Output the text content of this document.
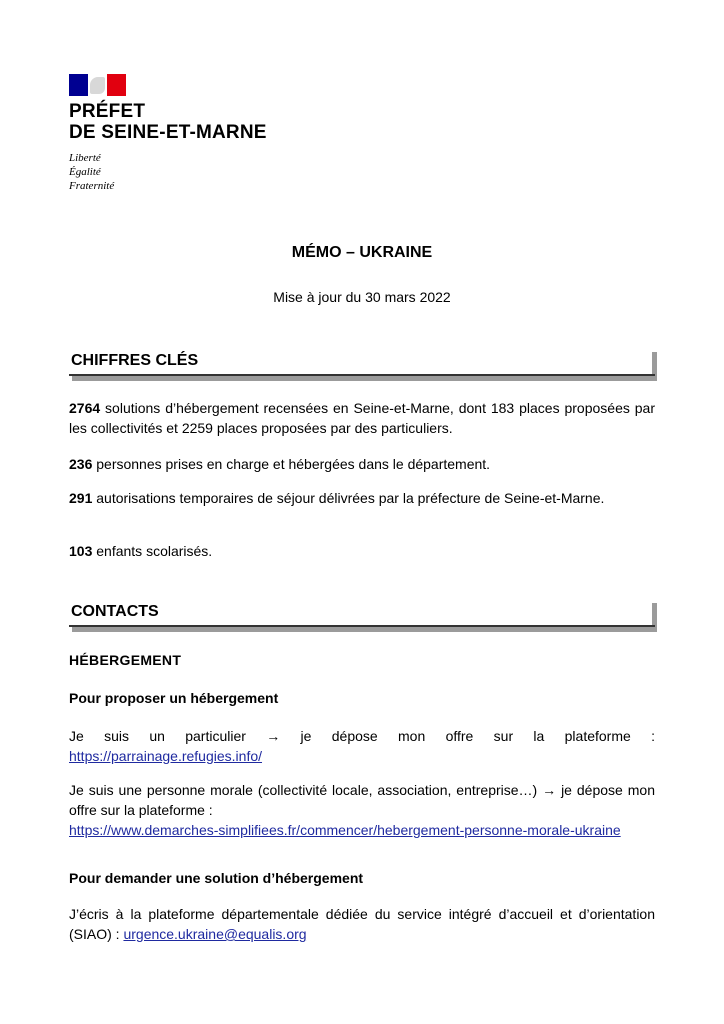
PRÉFET
DE SEINE-ET-MARNE
Liberté
Égalité
Fraternité
MÉMO – UKRAINE
Mise à jour du 30 mars 2022
CHIFFRES CLÉS
2764 solutions d’hébergement recensées en Seine-et-Marne, dont 183 places proposées par les collectivités et 2259 places proposées par des particuliers.
236 personnes prises en charge et hébergées dans le département.
291 autorisations temporaires de séjour délivrées par la préfecture de Seine-et-Marne.
103 enfants scolarisés.
CONTACTS
HÉBERGEMENT
Pour proposer un hébergement
Je suis un particulier → je dépose mon offre sur la plateforme :
https://parrainage.refugies.info/
Je suis une personne morale (collectivité locale, association, entreprise…) → je dépose mon offre sur la plateforme :
https://www.demarches-simplifiees.fr/commencer/hebergement-personne-morale-ukraine
Pour demander une solution d’hébergement
J’écris à la plateforme départementale dédiée du service intégré d’accueil et d’orientation (SIAO) : urgence.ukraine@equalis.org
